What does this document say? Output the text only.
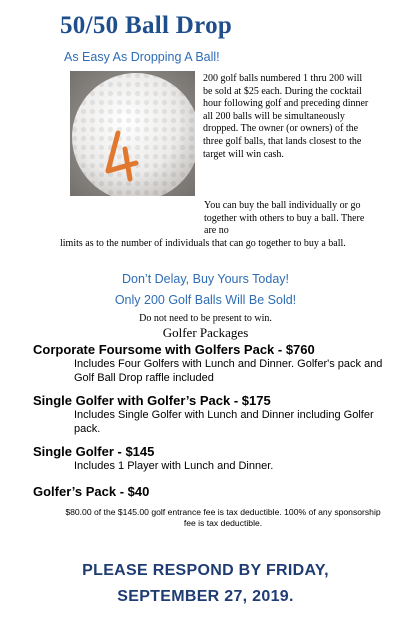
50/50 Ball Drop
As Easy As Dropping A Ball!
200 golf balls numbered 1 thru 200 will be sold at $25 each. During the cocktail hour following golf and preceding dinner all 200 balls will be simultaneously dropped. The owner (or owners) of the three golf balls, that lands closest to the target will win cash.
You can buy the ball individually or go together with others to buy a ball. There are no
limits as to the number of individuals that can go together to buy a ball.
Don’t Delay, Buy Yours Today!
Only 200 Golf Balls Will Be Sold!
Do not need to be present to win.
Golfer Packages
Corporate Foursome with Golfers Pack - $760
Includes Four Golfers with Lunch and Dinner. Golfer's pack and Golf Ball Drop raffle included
Single Golfer with Golfer’s Pack - $175
Includes Single Golfer with Lunch and Dinner including Golfer pack.
Single Golfer - $145
Includes 1 Player with Lunch and Dinner.
Golfer’s Pack - $40
$80.00 of the $145.00 golf entrance fee is tax deductible. 100% of any sponsorship fee is tax deductible.
PLEASE RESPOND BY FRIDAY,
SEPTEMBER 27, 2019.
